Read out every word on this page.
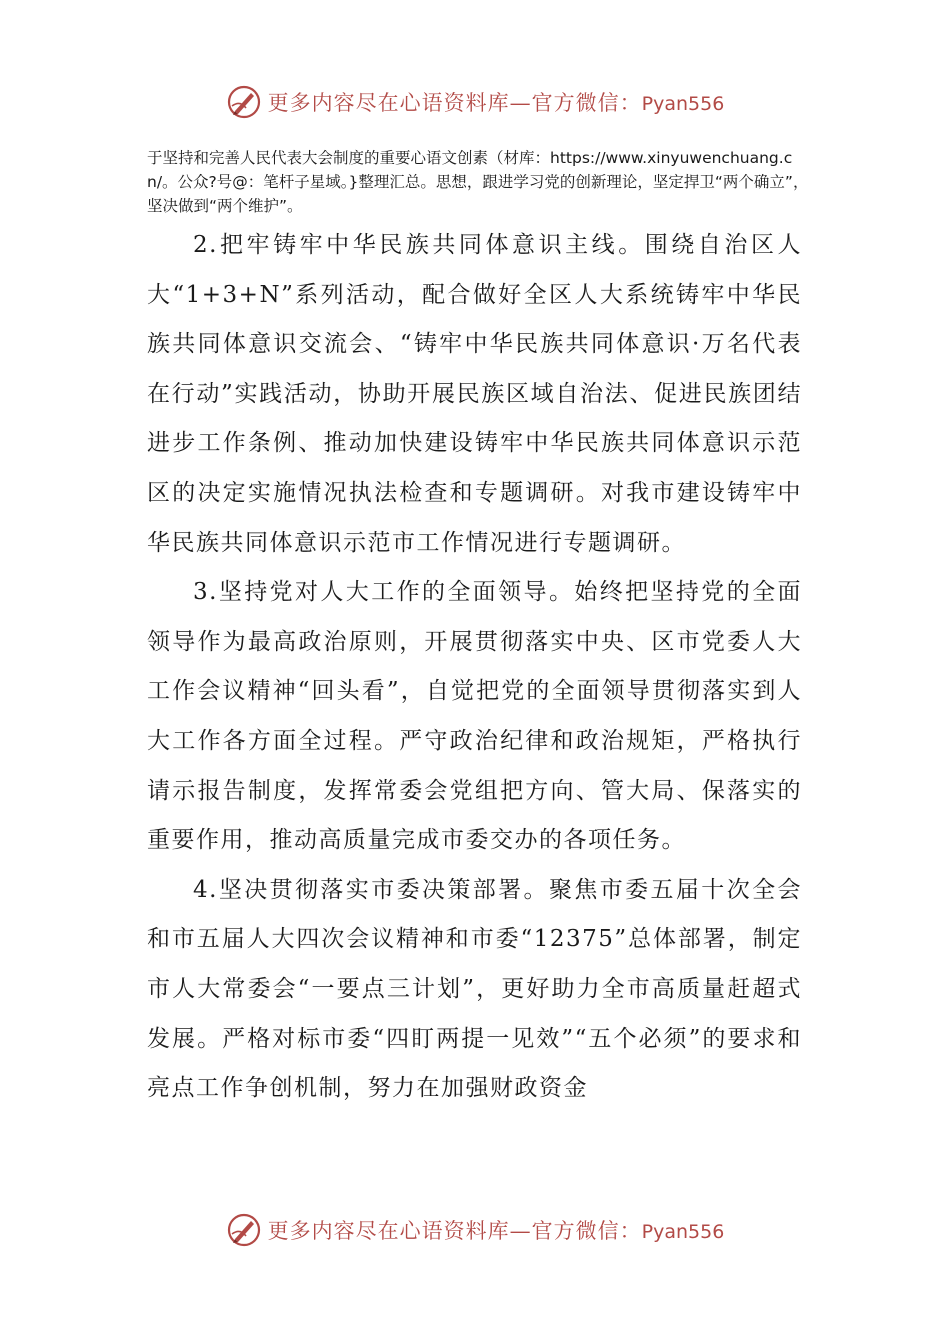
更多内容尽在心语资料库—官方微信：Pyan556
于坚持和完善人民代表大会制度的重要心语文创素（材库：https://www.xinyuwenchuang.cn/。公众?号@：笔杆子星域。}整理汇总。思想，跟进学习党的创新理论，坚定捍卫“两个确立”，坚决做到“两个维护”。

2.把牢铸牢中华民族共同体意识主线。围绕自治区人大“1+3+N”系列活动，配合做好全区人大系统铸牢中华民族共同体意识交流会、“铸牢中华民族共同体意识·万名代表在行动”实践活动，协助开展民族区域自治法、促进民族团结进步工作条例、推动加快建设铸牢中华民族共同体意识示范区的决定实施情况执法检查和专题调研。对我市建设铸牢中华民族共同体意识示范市工作情况进行专题调研。

3.坚持党对人大工作的全面领导。始终把坚持党的全面领导作为最高政治原则，开展贯彻落实中央、区市党委人大工作会议精神“回头看”，自觉把党的全面领导贯彻落实到人大工作各方面全过程。严守政治纪律和政治规矩，严格执行请示报告制度，发挥常委会党组把方向、管大局、保落实的重要作用，推动高质量完成市委交办的各项任务。

4.坚决贯彻落实市委决策部署。聚焦市委五届十次全会和市五届人大四次会议精神和市委“12375”总体部署，制定市人大常委会“一要点三计划”，更好助力全市高质量赶超式发展。严格对标市委“四盯两提一见效”“五个必须”的要求和亮点工作争创机制，努力在加强财政资金

更多内容尽在心语资料库—官方微信：Pyan556
